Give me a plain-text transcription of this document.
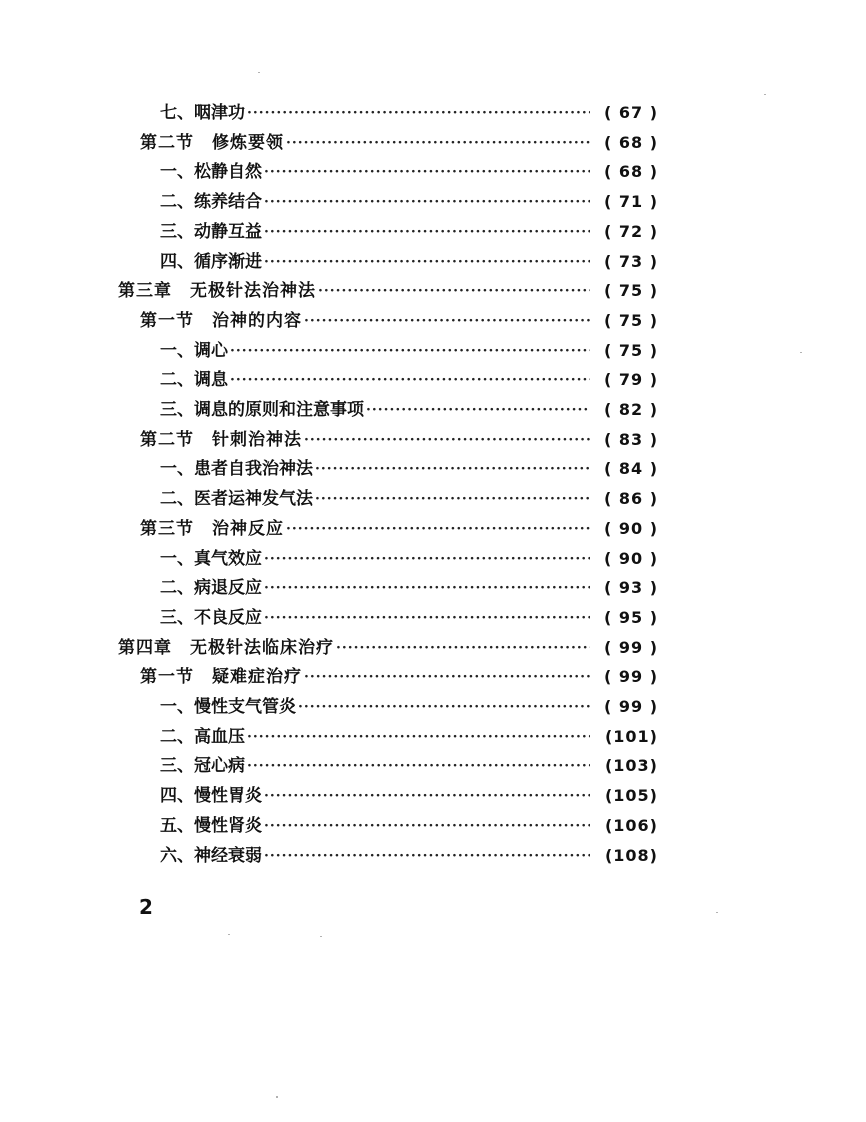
七、咽津功 ·····	( 67 )
第二节　修炼要领 ·····	( 68 )
一、松静自然 ·····	( 68 )
二、练养结合 ·····	( 71 )
三、动静互益 ·····	( 72 )
四、循序渐进 ·····	( 73 )
第三章　无极针法治神法 ·····	( 75 )
第一节　治神的内容 ·····	( 75 )
一、调心 ·····	( 75 )
二、调息 ·····	( 79 )
三、调息的原则和注意事项 ·····	( 82 )
第二节　针刺治神法 ·····	( 83 )
一、患者自我治神法 ·····	( 84 )
二、医者运神发气法 ·····	( 86 )
第三节　治神反应 ·····	( 90 )
一、真气效应 ·····	( 90 )
二、病退反应 ·····	( 93 )
三、不良反应 ·····	( 95 )
第四章　无极针法临床治疗 ·····	( 99 )
第一节　疑难症治疗 ·····	( 99 )
一、慢性支气管炎 ·····	( 99 )
二、高血压 ·····	(101)
三、冠心病 ·····	(103)
四、慢性胃炎 ·····	(105)
五、慢性肾炎 ·····	(106)
六、神经衰弱 ·····	(108)
2
